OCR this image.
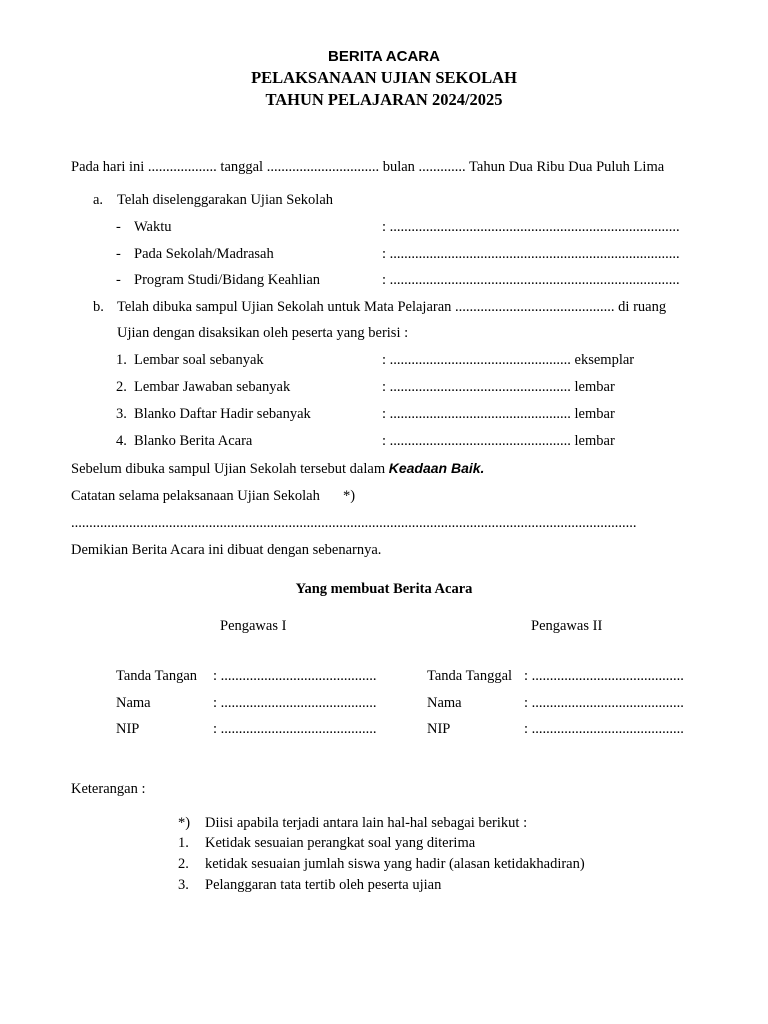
BERITA ACARA
PELAKSANAAN UJIAN SEKOLAH
TAHUN PELAJARAN 2024/2025
Pada hari ini ................... tanggal ............................... bulan ............. Tahun Dua Ribu Dua Puluh Lima
a. Telah diselenggarakan Ujian Sekolah
- Waktu	: ................................................................................
- Pada Sekolah/Madrasah	: ................................................................................
- Program Studi/Bidang Keahlian	: ................................................................................
b. Telah dibuka sampul Ujian Sekolah untuk Mata Pelajaran ............................................ di ruang
Ujian dengan disaksikan oleh peserta yang berisi :
1. Lembar soal sebanyak	: .................................................. eksemplar
2. Lembar Jawaban sebanyak	: .................................................. lembar
3. Blanko Daftar Hadir sebanyak	: .................................................. lembar
4. Blanko Berita Acara	: .................................................. lembar
Sebelum dibuka sampul Ujian Sekolah tersebut dalam Keadaan Baik.
Catatan selama pelaksanaan Ujian Sekolah *)
............................................................................................................................................................
Demikian Berita Acara ini dibuat dengan sebenarnya.
Yang membuat Berita Acara
Pengawas I	Pengawas II
Tanda Tangan : ...........................................
Nama	: ...........................................
NIP	: ...........................................
Tanda Tanggal : ..........................................
Nama	: ..........................................
NIP	: ..........................................
Keterangan :
*) Diisi apabila terjadi antara lain hal-hal sebagai berikut :
1. Ketidak sesuaian perangkat soal yang diterima
2. ketidak sesuaian jumlah siswa yang hadir (alasan ketidakhadiran)
3. Pelanggaran tata tertib oleh peserta ujian
